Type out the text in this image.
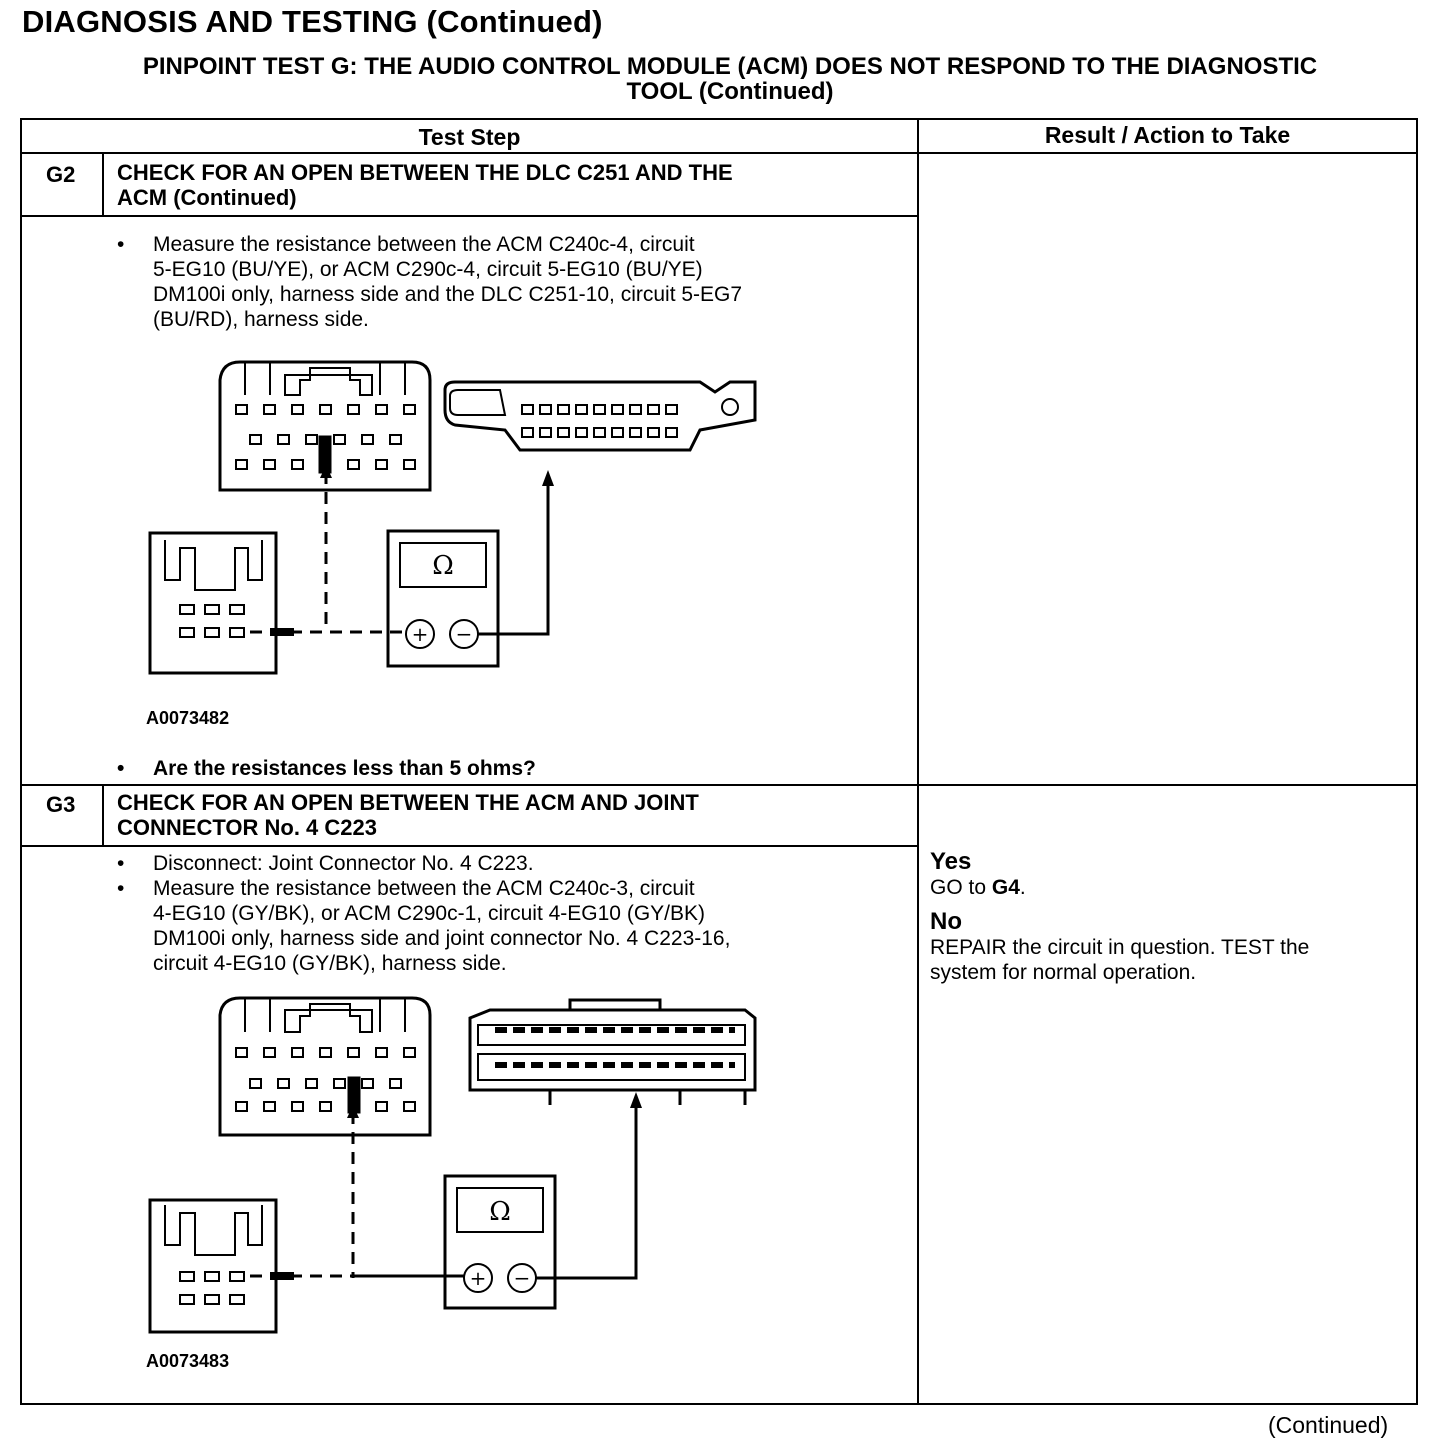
DIAGNOSIS AND TESTING (Continued)
PINPOINT TEST G: THE AUDIO CONTROL MODULE (ACM) DOES NOT RESPOND TO THE DIAGNOSTIC
TOOL (Continued)
Test Step	Result / Action to Take
G2 CHECK FOR AN OPEN BETWEEN THE DLC C251 AND THE
ACM (Continued)
• Measure the resistance between the ACM C240c-4, circuit
5-EG10 (BU/YE), or ACM C290c-4, circuit 5-EG10 (BU/YE)
DM100i only, harness side and the DLC C251-10, circuit 5-EG7
(BU/RD), harness side.
Ω
+ −
A0073482
• Are the resistances less than 5 ohms?
G3 CHECK FOR AN OPEN BETWEEN THE ACM AND JOINT
CONNECTOR No. 4 C223
• Disconnect: Joint Connector No. 4 C223.
• Measure the resistance between the ACM C240c-3, circuit
4-EG10 (GY/BK), or ACM C290c-1, circuit 4-EG10 (GY/BK)
DM100i only, harness side and joint connector No. 4 C223-16,
circuit 4-EG10 (GY/BK), harness side.
Ω
+ −
A0073483
Yes
GO to G4.
No
REPAIR the circuit in question. TEST the
system for normal operation.
(Continued)
